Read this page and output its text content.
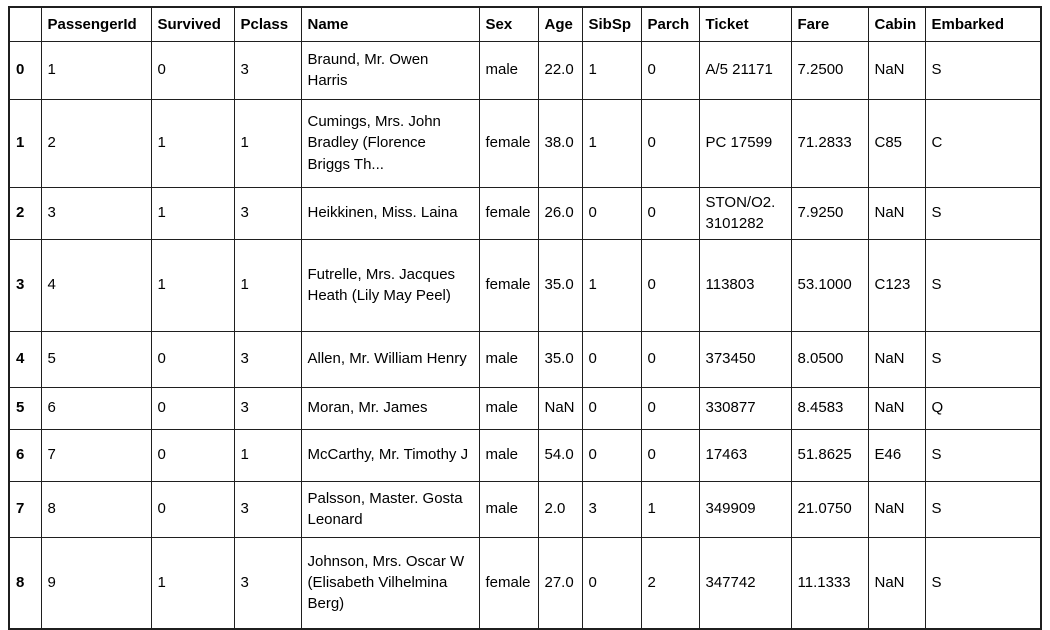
	PassengerId	Survived	Pclass	Name	Sex	Age	SibSp	Parch	Ticket	Fare	Cabin	Embarked
0	1	0	3	Braund, Mr. Owen Harris	male	22.0	1	0	A/5 21171	7.2500	NaN	S
1	2	1	1	Cumings, Mrs. John Bradley (Florence Briggs Th...	female	38.0	1	0	PC 17599	71.2833	C85	C
2	3	1	3	Heikkinen, Miss. Laina	female	26.0	0	0	STON/O2. 3101282	7.9250	NaN	S
3	4	1	1	Futrelle, Mrs. Jacques Heath (Lily May Peel)	female	35.0	1	0	113803	53.1000	C123	S
4	5	0	3	Allen, Mr. William Henry	male	35.0	0	0	373450	8.0500	NaN	S
5	6	0	3	Moran, Mr. James	male	NaN	0	0	330877	8.4583	NaN	Q
6	7	0	1	McCarthy, Mr. Timothy J	male	54.0	0	0	17463	51.8625	E46	S
7	8	0	3	Palsson, Master. Gosta Leonard	male	2.0	3	1	349909	21.0750	NaN	S
8	9	1	3	Johnson, Mrs. Oscar W (Elisabeth Vilhelmina Berg)	female	27.0	0	2	347742	11.1333	NaN	S
